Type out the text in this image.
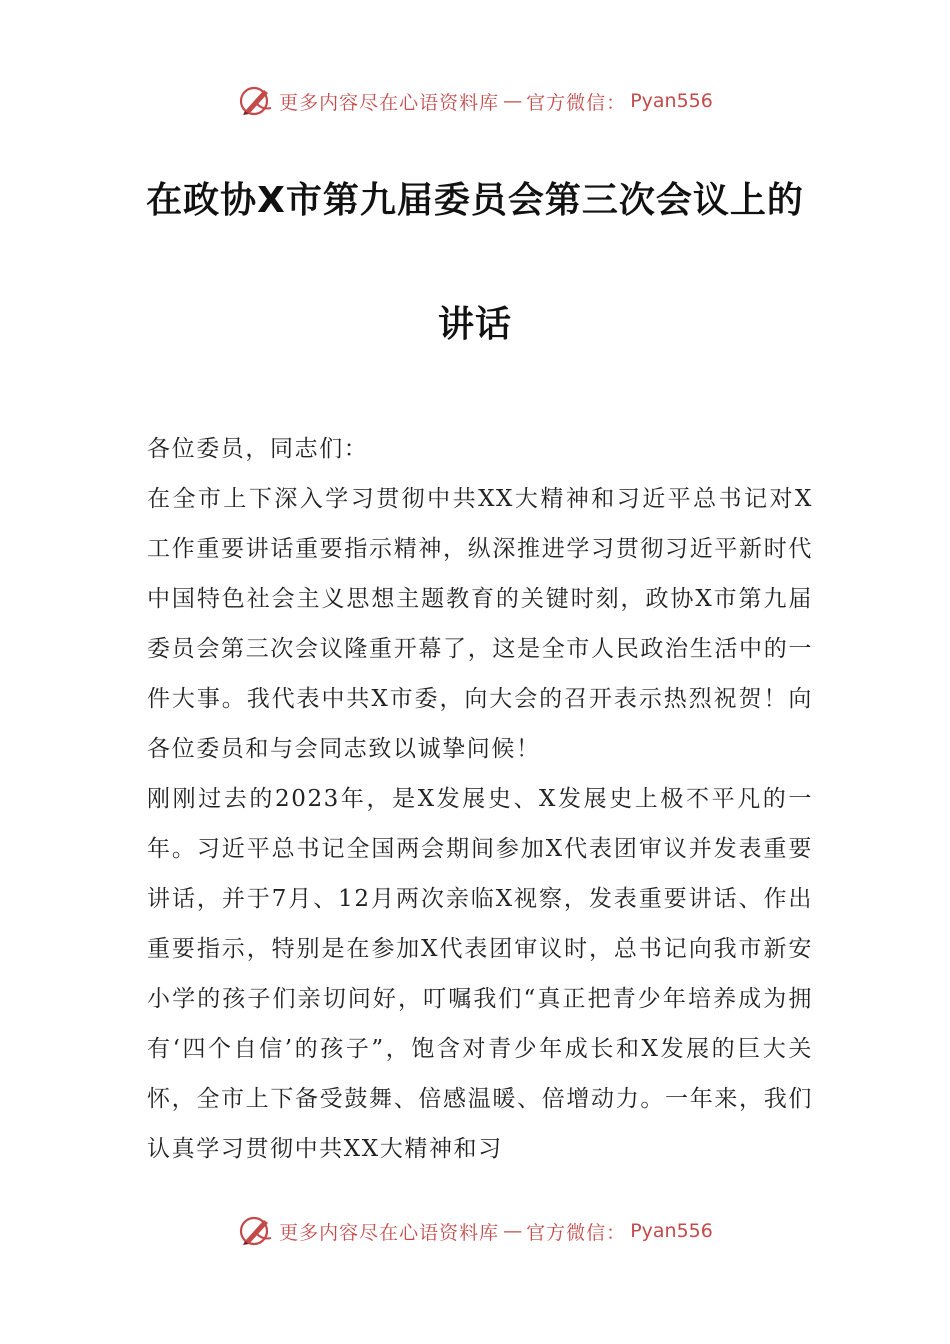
更多内容尽在心语资料库 — 官方微信： Pyan556
在政协X市第九届委员会第三次会议上的
讲话

各位委员，同志们：

在全市上下深入学习贯彻中共XX大精神和习近平总书记对X工作重要讲话重要指示精神，纵深推进学习贯彻习近平新时代中国特色社会主义思想主题教育的关键时刻，政协X市第九届委员会第三次会议隆重开幕了，这是全市人民政治生活中的一件大事。我代表中共X市委，向大会的召开表示热烈祝贺！向各位委员和与会同志致以诚挚问候！

刚刚过去的2023年，是X发展史、X发展史上极不平凡的一年。习近平总书记全国两会期间参加X代表团审议并发表重要讲话，并于7月、12月两次亲临X视察，发表重要讲话、作出重要指示，特别是在参加X代表团审议时，总书记向我市新安小学的孩子们亲切问好，叮嘱我们“真正把青少年培养成为拥有‘四个自信’的孩子”，饱含对青少年成长和X发展的巨大关怀，全市上下备受鼓舞、倍感温暖、倍增动力。一年来，我们认真学习贯彻中共XX大精神和习

更多内容尽在心语资料库 — 官方微信： Pyan556
